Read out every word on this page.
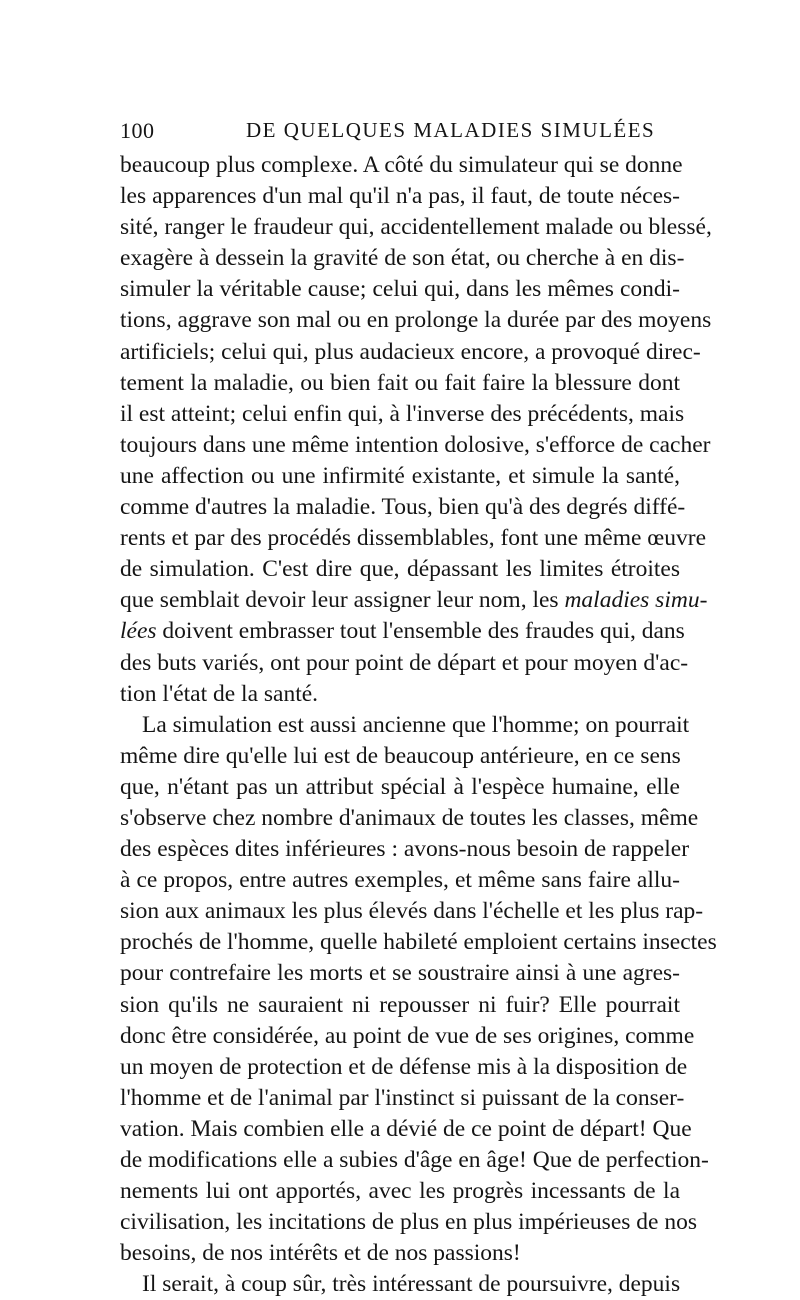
100	DE QUELQUES MALADIES SIMULÉES
beaucoup plus complexe. A côté du simulateur qui se donne
les apparences d'un mal qu'il n'a pas, il faut, de toute néces-
sité, ranger le fraudeur qui, accidentellement malade ou blessé,
exagère à dessein la gravité de son état, ou cherche à en dis-
simuler la véritable cause; celui qui, dans les mêmes condi-
tions, aggrave son mal ou en prolonge la durée par des moyens
artificiels; celui qui, plus audacieux encore, a provoqué direc-
tement la maladie, ou bien fait ou fait faire la blessure dont
il est atteint; celui enfin qui, à l'inverse des précédents, mais
toujours dans une même intention dolosive, s'efforce de cacher
une affection ou une infirmité existante, et simule la santé,
comme d'autres la maladie. Tous, bien qu'à des degrés diffé-
rents et par des procédés dissemblables, font une même œuvre
de simulation. C'est dire que, dépassant les limites étroites
que semblait devoir leur assigner leur nom, les maladies simu-
lées doivent embrasser tout l'ensemble des fraudes qui, dans
des buts variés, ont pour point de départ et pour moyen d'ac-
tion l'état de la santé.
La simulation est aussi ancienne que l'homme; on pourrait
même dire qu'elle lui est de beaucoup antérieure, en ce sens
que, n'étant pas un attribut spécial à l'espèce humaine, elle
s'observe chez nombre d'animaux de toutes les classes, même
des espèces dites inférieures : avons-nous besoin de rappeler
à ce propos, entre autres exemples, et même sans faire allu-
sion aux animaux les plus élevés dans l'échelle et les plus rap-
prochés de l'homme, quelle habileté emploient certains insectes
pour contrefaire les morts et se soustraire ainsi à une agres-
sion qu'ils ne sauraient ni repousser ni fuir? Elle pourrait
donc être considérée, au point de vue de ses origines, comme
un moyen de protection et de défense mis à la disposition de
l'homme et de l'animal par l'instinct si puissant de la conser-
vation. Mais combien elle a dévié de ce point de départ! Que
de modifications elle a subies d'âge en âge! Que de perfection-
nements lui ont apportés, avec les progrès incessants de la
civilisation, les incitations de plus en plus impérieuses de nos
besoins, de nos intérêts et de nos passions!
Il serait, à coup sûr, très intéressant de poursuivre, depuis
